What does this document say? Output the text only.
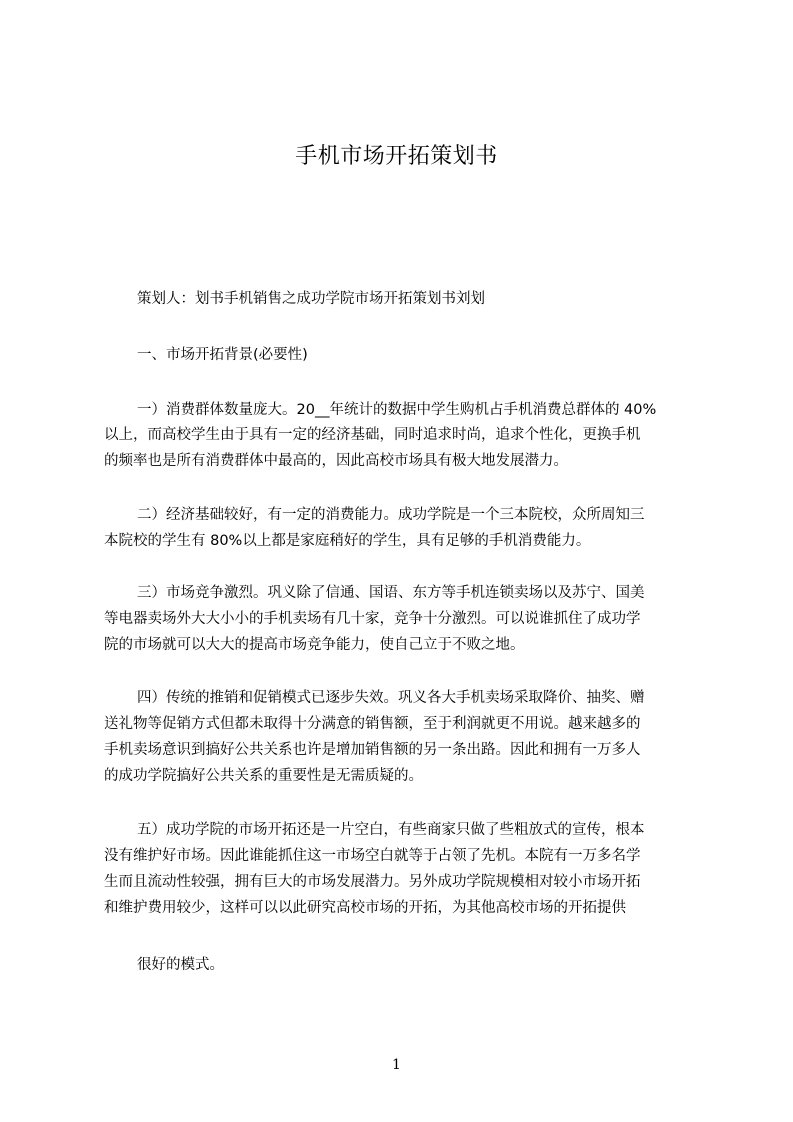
手机市场开拓策划书
策划人：划书手机销售之成功学院市场开拓策划书刘划
一、市场开拓背景(必要性)
一）消费群体数量庞大。20__年统计的数据中学生购机占手机消费总群体的 40%
以上，而高校学生由于具有一定的经济基础，同时追求时尚，追求个性化，更换手机
的频率也是所有消费群体中最高的，因此高校市场具有极大地发展潜力。
二）经济基础较好，有一定的消费能力。成功学院是一个三本院校，众所周知三
本院校的学生有 80%以上都是家庭稍好的学生，具有足够的手机消费能力。
三）市场竞争激烈。巩义除了信通、国语、东方等手机连锁卖场以及苏宁、国美
等电器卖场外大大小小的手机卖场有几十家，竞争十分激烈。可以说谁抓住了成功学
院的市场就可以大大的提高市场竞争能力，使自己立于不败之地。
四）传统的推销和促销模式已逐步失效。巩义各大手机卖场采取降价、抽奖、赠
送礼物等促销方式但都未取得十分满意的销售额，至于利润就更不用说。越来越多的
手机卖场意识到搞好公共关系也许是增加销售额的另一条出路。因此和拥有一万多人
的成功学院搞好公共关系的重要性是无需质疑的。
五）成功学院的市场开拓还是一片空白，有些商家只做了些粗放式的宣传，根本
没有维护好市场。因此谁能抓住这一市场空白就等于占领了先机。本院有一万多名学
生而且流动性较强，拥有巨大的市场发展潜力。另外成功学院规模相对较小市场开拓
和维护费用较少，这样可以以此研究高校市场的开拓，为其他高校市场的开拓提供
很好的模式。
1
